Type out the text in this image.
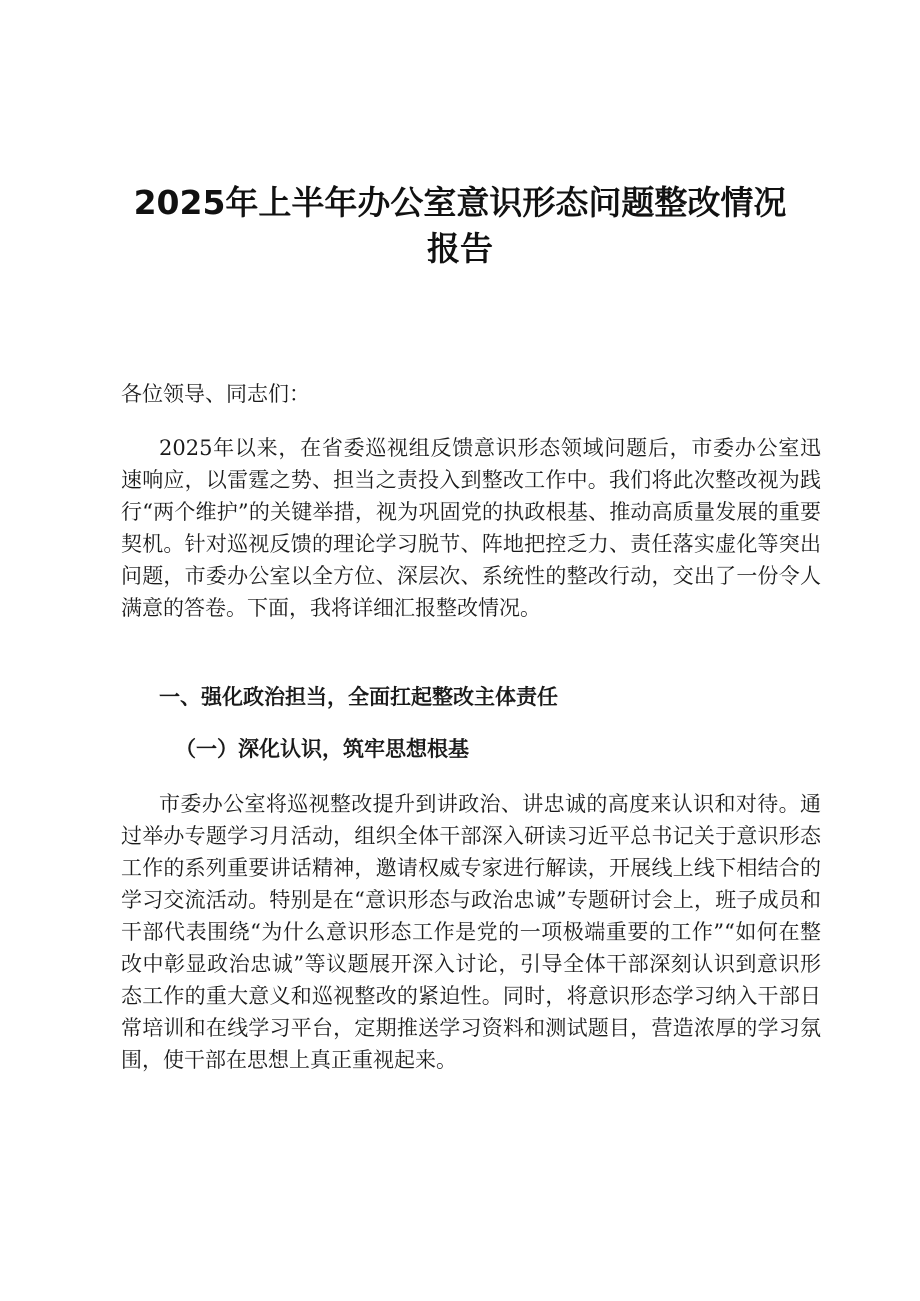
2025年上半年办公室意识形态问题整改情况
报告

各位领导、同志们：

2025年以来，在省委巡视组反馈意识形态领域问题后，市委办公室迅速响应，以雷霆之势、担当之责投入到整改工作中。我们将此次整改视为践行“两个维护”的关键举措，视为巩固党的执政根基、推动高质量发展的重要契机。针对巡视反馈的理论学习脱节、阵地把控乏力、责任落实虚化等突出问题，市委办公室以全方位、深层次、系统性的整改行动，交出了一份令人满意的答卷。下面，我将详细汇报整改情况。

一、强化政治担当，全面扛起整改主体责任
（一）深化认识，筑牢思想根基

市委办公室将巡视整改提升到讲政治、讲忠诚的高度来认识和对待。通过举办专题学习月活动，组织全体干部深入研读习近平总书记关于意识形态工作的系列重要讲话精神，邀请权威专家进行解读，开展线上线下相结合的学习交流活动。特别是在“意识形态与政治忠诚”专题研讨会上，班子成员和干部代表围绕“为什么意识形态工作是党的一项极端重要的工作”“如何在整改中彰显政治忠诚”等议题展开深入讨论，引导全体干部深刻认识到意识形态工作的重大意义和巡视整改的紧迫性。同时，将意识形态学习纳入干部日常培训和在线学习平台，定期推送学习资料和测试题目，营造浓厚的学习氛围，使干部在思想上真正重视起来。
